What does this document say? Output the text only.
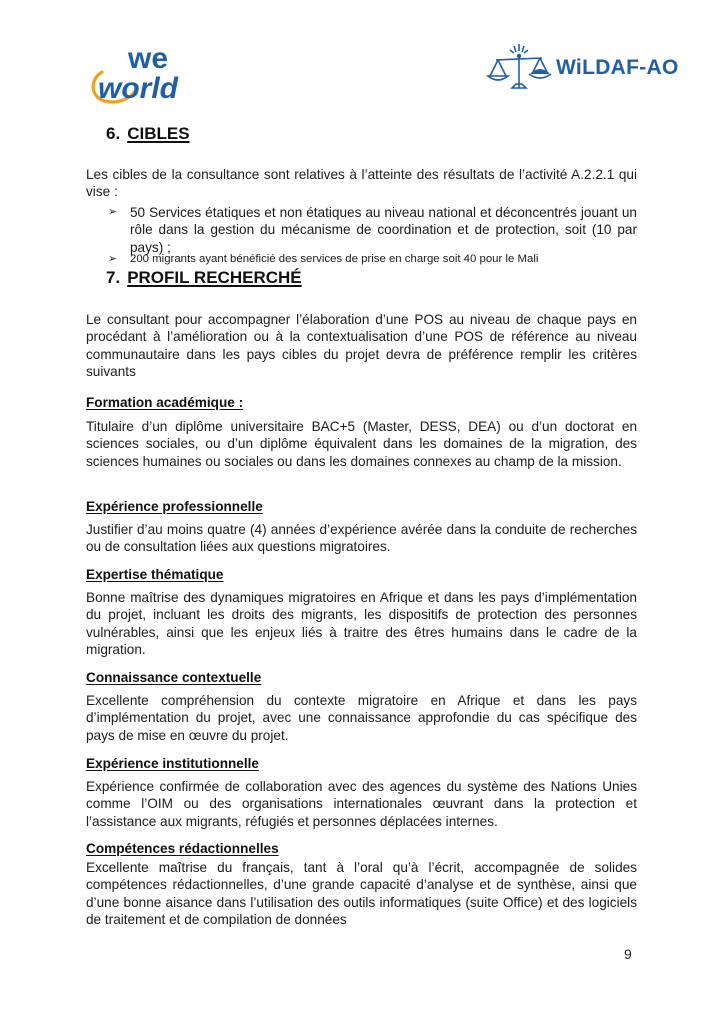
we
world
WiLDAF-AO
6. CIBLES
Les cibles de la consultance sont relatives à l’atteinte des résultats de l’activité A.2.2.1 qui vise :
➢ 50 Services étatiques et non étatiques au niveau national et déconcentrés jouant un rôle dans la gestion du mécanisme de coordination et de protection, soit (10 par pays) ;
➢ 200 migrants ayant bénéficié des services de prise en charge soit 40 pour le Mali
7. PROFIL RECHERCHÉ
Le consultant pour accompagner l’élaboration d’une POS au niveau de chaque pays en procédant à l’amélioration ou à la contextualisation d’une POS de référence au niveau communautaire dans les pays cibles du projet devra de préférence remplir les critères suivants
Formation académique :
Titulaire d’un diplôme universitaire BAC+5 (Master, DESS, DEA) ou d’un doctorat en sciences sociales, ou d’un diplôme équivalent dans les domaines de la migration, des sciences humaines ou sociales ou dans les domaines connexes au champ de la mission.
Expérience professionnelle
Justifier d’au moins quatre (4) années d’expérience avérée dans la conduite de recherches ou de consultation liées aux questions migratoires.
Expertise thématique
Bonne maîtrise des dynamiques migratoires en Afrique et dans les pays d’implémentation du projet, incluant les droits des migrants, les dispositifs de protection des personnes vulnérables, ainsi que les enjeux liés à traitre des êtres humains dans le cadre de la migration.
Connaissance contextuelle
Excellente compréhension du contexte migratoire en Afrique et dans les pays d’implémentation du projet, avec une connaissance approfondie du cas spécifique des pays de mise en œuvre du projet.
Expérience institutionnelle
Expérience confirmée de collaboration avec des agences du système des Nations Unies comme l’OIM ou des organisations internationales œuvrant dans la protection et l’assistance aux migrants, réfugiés et personnes déplacées internes.
Compétences rédactionnelles
Excellente maîtrise du français, tant à l’oral qu’à l’écrit, accompagnée de solides compétences rédactionnelles, d’une grande capacité d’analyse et de synthèse, ainsi que d’une bonne aisance dans l’utilisation des outils informatiques (suite Office) et des logiciels de traitement et de compilation de données
9
